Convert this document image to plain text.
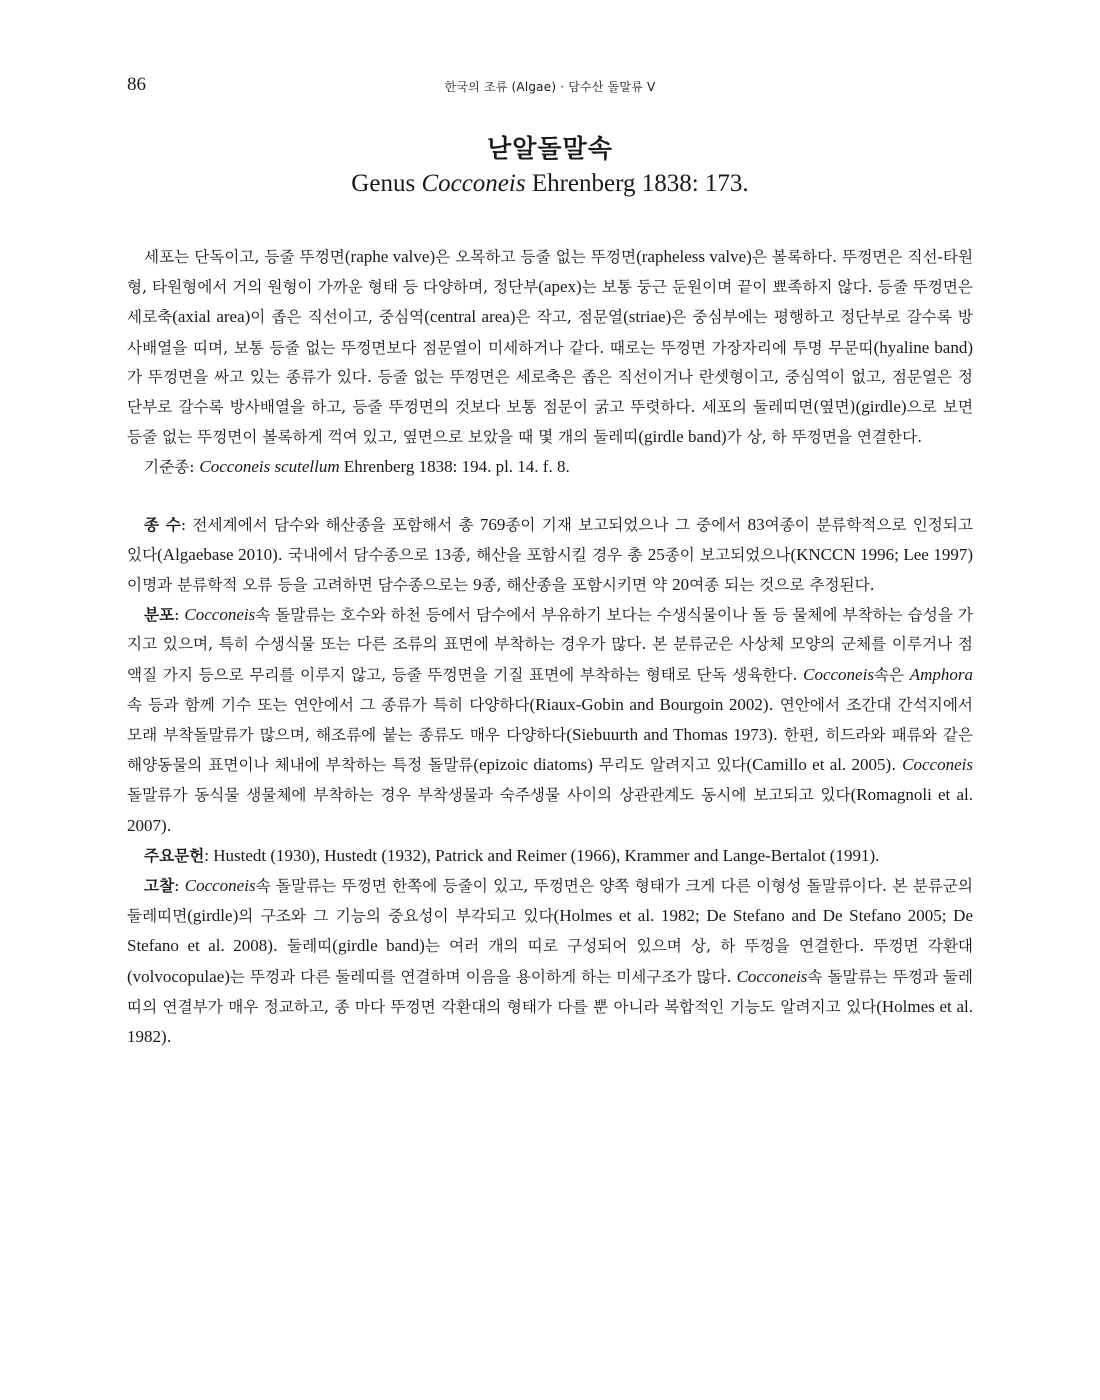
86	한국의 조류 (Algae) · 담수산 돌말류 V
낟알돌말속
Genus Cocconeis Ehrenberg 1838: 173.

세포는 단독이고, 등줄 뚜껑면(raphe valve)은 오목하고 등줄 없는 뚜껑면(rapheless valve)은 볼록하다. 뚜껑면은 직선-타원형, 타원형에서 거의 원형이 가까운 형태 등 다양하며, 정단부(apex)는 보통 둥근 둔원이며 끝이 뾰족하지 않다. 등줄 뚜껑면은 세로축(axial area)이 좁은 직선이고, 중심역(central area)은 작고, 점문열(striae)은 중심부에는 평행하고 정단부로 갈수록 방사배열을 띠며, 보통 등줄 없는 뚜껑면보다 점문열이 미세하거나 같다. 때로는 뚜껑면 가장자리에 투명 무문띠(hyaline band)가 뚜껑면을 싸고 있는 종류가 있다. 등줄 없는 뚜껑면은 세로축은 좁은 직선이거나 란셋형이고, 중심역이 없고, 점문열은 정단부로 갈수록 방사배열을 하고, 등줄 뚜껑면의 것보다 보통 점문이 굵고 뚜렷하다. 세포의 둘레띠면(옆면)(girdle)으로 보면 등줄 없는 뚜껑면이 볼록하게 꺽여 있고, 옆면으로 보았을 때 몇 개의 둘레띠(girdle band)가 상, 하 뚜껑면을 연결한다.

기준종: Cocconeis scutellum Ehrenberg 1838: 194. pl. 14. f. 8.

종 수: 전세계에서 담수와 해산종을 포함해서 총 769종이 기재 보고되었으나 그 중에서 83여종이 분류학적으로 인정되고 있다(Algaebase 2010). 국내에서 담수종으로 13종, 해산을 포함시킬 경우 총 25종이 보고되었으나(KNCCN 1996; Lee 1997) 이명과 분류학적 오류 등을 고려하면 담수종으로는 9종, 해산종을 포함시키면 약 20여종 되는 것으로 추정된다.

분포: Cocconeis속 돌말류는 호수와 하천 등에서 담수에서 부유하기 보다는 수생식물이나 돌 등 물체에 부착하는 습성을 가지고 있으며, 특히 수생식물 또는 다른 조류의 표면에 부착하는 경우가 많다. 본 분류군은 사상체 모양의 군체를 이루거나 점액질 가지 등으로 무리를 이루지 않고, 등줄 뚜껑면을 기질 표면에 부착하는 형태로 단독 생육한다. Cocconeis속은 Amphora속 등과 함께 기수 또는 연안에서 그 종류가 특히 다양하다(Riaux-Gobin and Bourgoin 2002). 연안에서 조간대 간석지에서 모래 부착돌말류가 많으며, 해조류에 붙는 종류도 매우 다양하다(Siebuurth and Thomas 1973). 한편, 히드라와 패류와 같은 해양동물의 표면이나 체내에 부착하는 특정 돌말류(epizoic diatoms) 무리도 알려지고 있다(Camillo et al. 2005). Cocconeis 돌말류가 동식물 생물체에 부착하는 경우 부착생물과 숙주생물 사이의 상관관계도 동시에 보고되고 있다(Romagnoli et al. 2007).

주요문헌: Hustedt (1930), Hustedt (1932), Patrick and Reimer (1966), Krammer and Lange-Bertalot (1991).

고찰: Cocconeis속 돌말류는 뚜껑면 한쪽에 등줄이 있고, 뚜껑면은 양쪽 형태가 크게 다른 이형성 돌말류이다. 본 분류군의 둘레띠면(girdle)의 구조와 그 기능의 중요성이 부각되고 있다(Holmes et al. 1982; De Stefano and De Stefano 2005; De Stefano et al. 2008). 둘레띠(girdle band)는 여러 개의 띠로 구성되어 있으며 상, 하 뚜껑을 연결한다. 뚜껑면 각환대(volvocopulae)는 뚜껑과 다른 둘레띠를 연결하며 이음을 용이하게 하는 미세구조가 많다. Cocconeis속 돌말류는 뚜껑과 둘레띠의 연결부가 매우 정교하고, 종 마다 뚜껑면 각환대의 형태가 다를 뿐 아니라 복합적인 기능도 알려지고 있다(Holmes et al. 1982).
